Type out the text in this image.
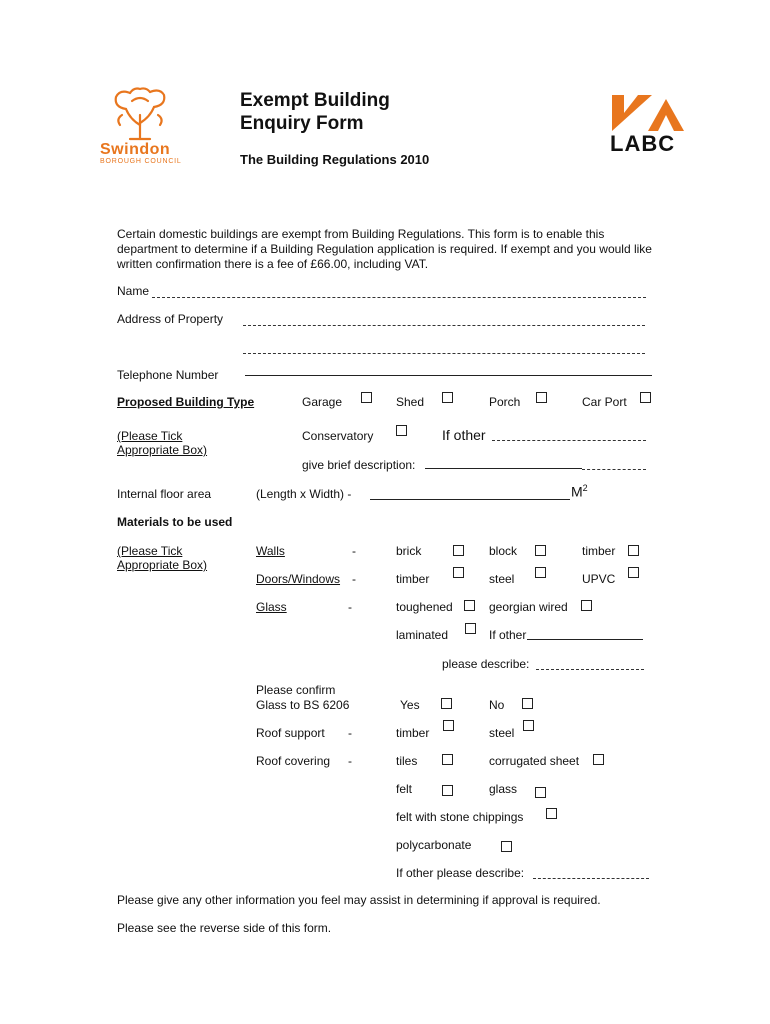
Swindon
BOROUGH COUNCIL
Exempt Building
Enquiry Form
The Building Regulations 2010
LABC
Certain domestic buildings are exempt from Building Regulations. This form is to enable this department to determine if a Building Regulation application is required. If exempt and you would like written confirmation there is a fee of £66.00, including VAT.
Name
Address of Property
Telephone Number
Proposed Building Type	Garage	Shed	Porch	Car Port
(Please Tick
Appropriate Box)
Conservatory	If other
give brief description:
Internal floor area	(Length x Width) -	$M^2$
Materials to be used
(Please Tick
Appropriate Box)
Walls	-	brick	block	timber
Doors/Windows -	timber	steel	UPVC
Glass	-	toughened	georgian wired
laminated	If other
please describe:
Please confirm
Glass to BS 6206	Yes	No
Roof support -	timber	steel
Roof covering -	tiles	corrugated sheet
felt	glass
felt with stone chippings
polycarbonate
If other please describe:
Please give any other information you feel may assist in determining if approval is required.
Please see the reverse side of this form.
